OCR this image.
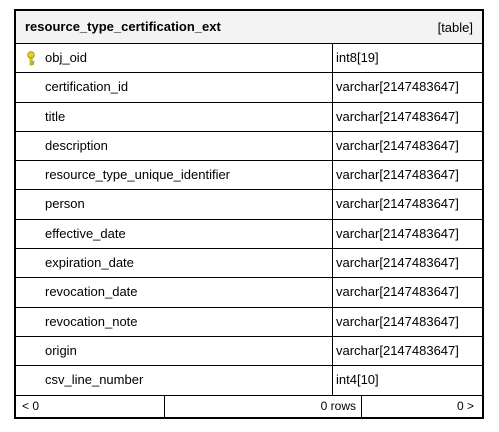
resource_type_certification_ext	[table]
obj_oid	int8[19]
certification_id	varchar[2147483647]
title	varchar[2147483647]
description	varchar[2147483647]
resource_type_unique_identifier	varchar[2147483647]
person	varchar[2147483647]
effective_date	varchar[2147483647]
expiration_date	varchar[2147483647]
revocation_date	varchar[2147483647]
revocation_note	varchar[2147483647]
origin	varchar[2147483647]
csv_line_number	int4[10]
< 0	0 rows	0 >
